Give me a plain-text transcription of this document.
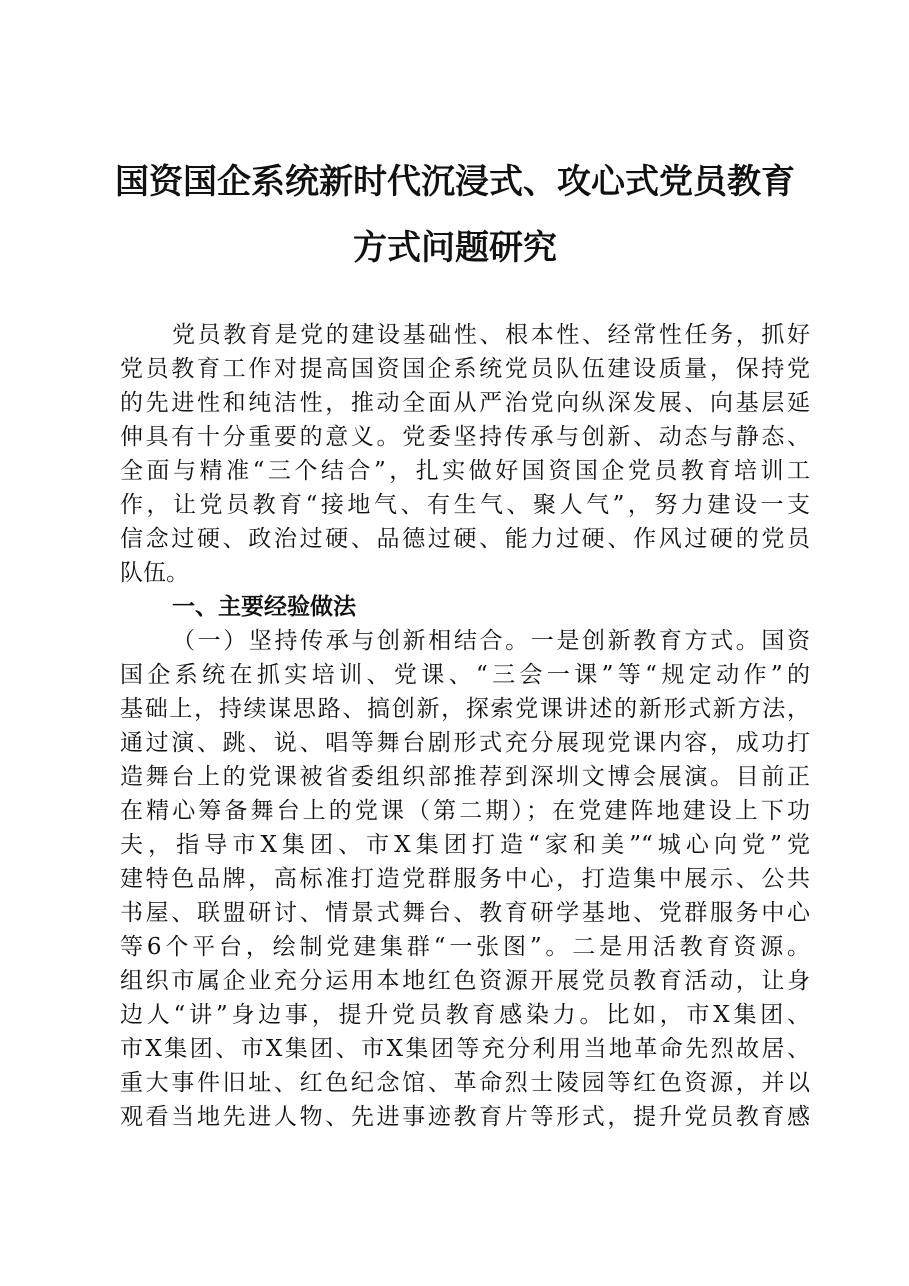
国资国企系统新时代沉浸式、攻心式党员教育
方式问题研究
党员教育是党的建设基础性、根本性、经常性任务，抓好
党员教育工作对提高国资国企系统党员队伍建设质量，保持党
的先进性和纯洁性，推动全面从严治党向纵深发展、向基层延
伸具有十分重要的意义。党委坚持传承与创新、动态与静态、
全面与精准“三个结合”，扎实做好国资国企党员教育培训工
作，让党员教育“接地气、有生气、聚人气”，努力建设一支
信念过硬、政治过硬、品德过硬、能力过硬、作风过硬的党员
队伍。
一、主要经验做法
（一）坚持传承与创新相结合。一是创新教育方式。国资
国企系统在抓实培训、党课、“三会一课”等“规定动作”的
基础上，持续谋思路、搞创新，探索党课讲述的新形式新方法，
通过演、跳、说、唱等舞台剧形式充分展现党课内容，成功打
造舞台上的党课被省委组织部推荐到深圳文博会展演。目前正
在精心筹备舞台上的党课（第二期）；在党建阵地建设上下功
夫，指导市X集团、市X集团打造“家和美”“城心向党”党
建特色品牌，高标准打造党群服务中心，打造集中展示、公共
书屋、联盟研讨、情景式舞台、教育研学基地、党群服务中心
等6个平台，绘制党建集群“一张图”。二是用活教育资源。
组织市属企业充分运用本地红色资源开展党员教育活动，让身
边人“讲”身边事，提升党员教育感染力。比如，市X集团、
市X集团、市X集团、市X集团等充分利用当地革命先烈故居、
重大事件旧址、红色纪念馆、革命烈士陵园等红色资源，并以
观看当地先进人物、先进事迹教育片等形式，提升党员教育感
